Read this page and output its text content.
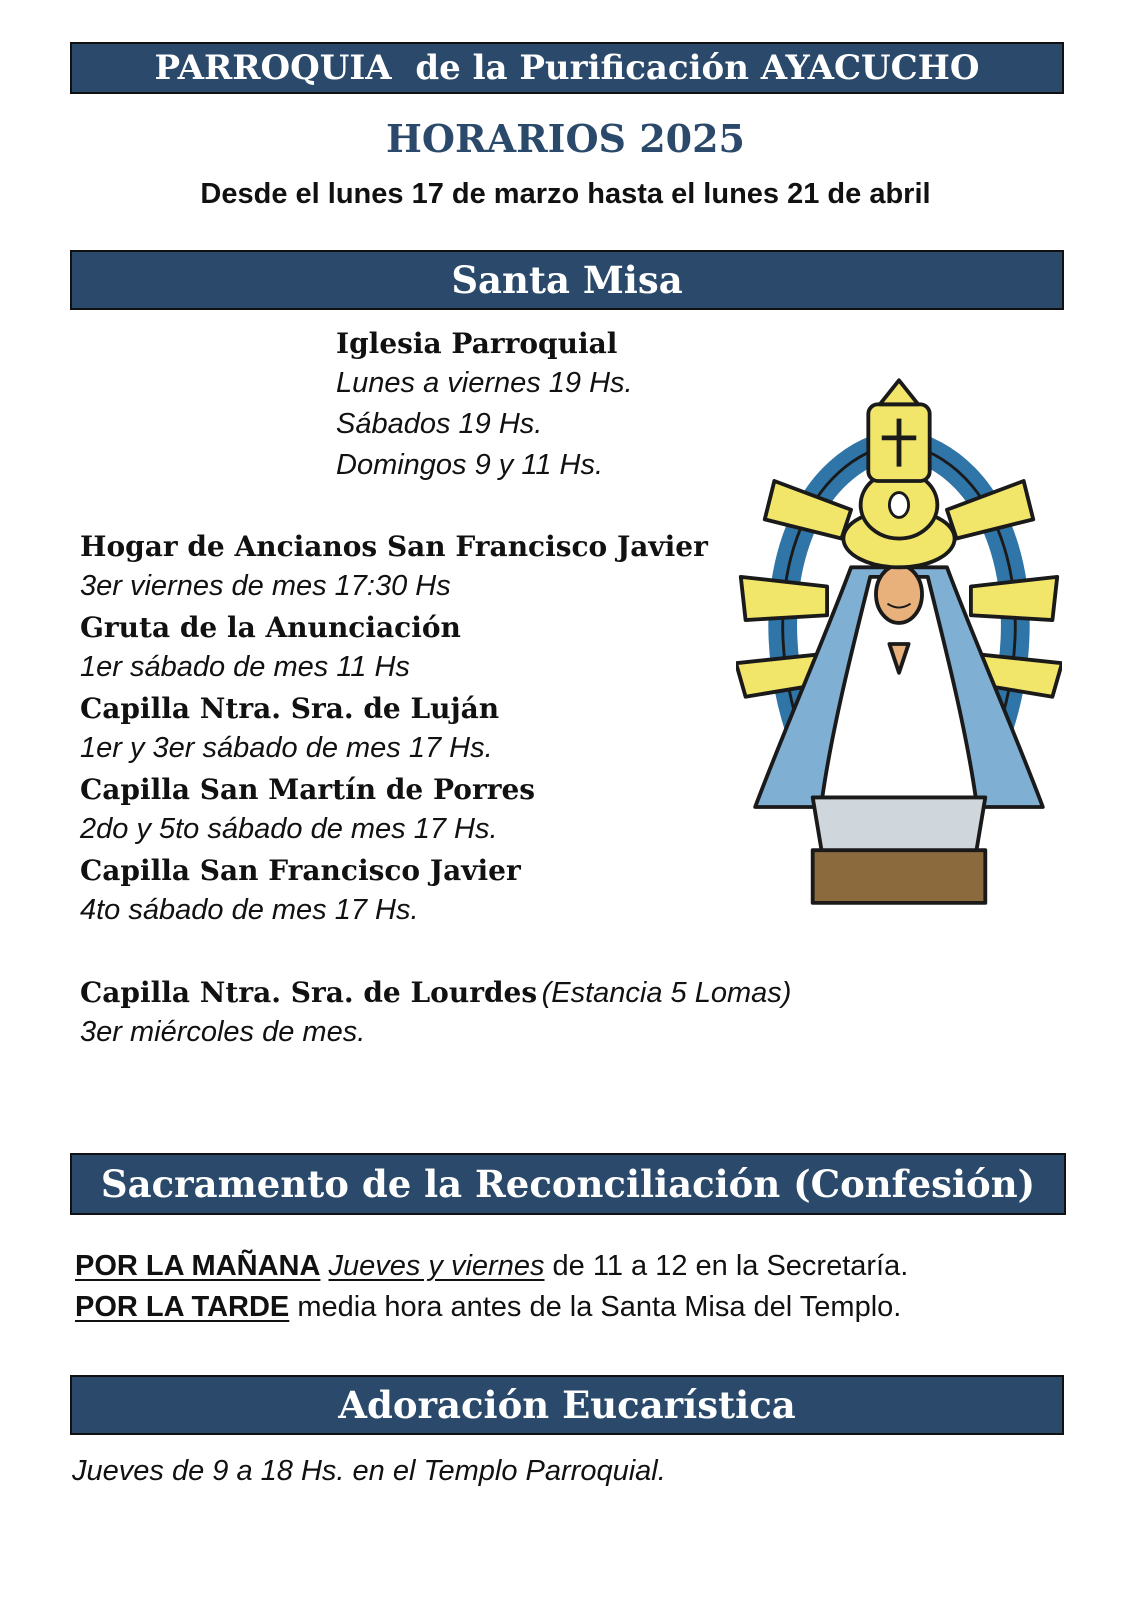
PARROQUIA  de la Purificación AYACUCHO
HORARIOS 2025
Desde el lunes 17 de marzo hasta el lunes 21 de abril
Santa Misa
Iglesia Parroquial
Lunes a viernes 19 Hs.
Sábados 19 Hs.
Domingos 9 y 11 Hs.
Hogar de Ancianos San Francisco Javier
3er viernes de mes 17:30 Hs
Gruta de la Anunciación
1er sábado de mes 11 Hs
Capilla Ntra. Sra. de Luján
1er y 3er sábado de mes 17 Hs.
Capilla San Martín de Porres
2do y 5to sábado de mes 17 Hs.
Capilla San Francisco Javier
4to sábado de mes 17 Hs.
Capilla Ntra. Sra. de Lourdes (Estancia 5 Lomas)
3er miércoles de mes.
Sacramento de la Reconciliación (Confesión)
POR LA MAÑANA Jueves y viernes de 11 a 12 en la Secretaría.
POR LA TARDE media hora antes de la Santa Misa del Templo.
Adoración Eucarística
Jueves de 9 a 18 Hs. en el Templo Parroquial.
